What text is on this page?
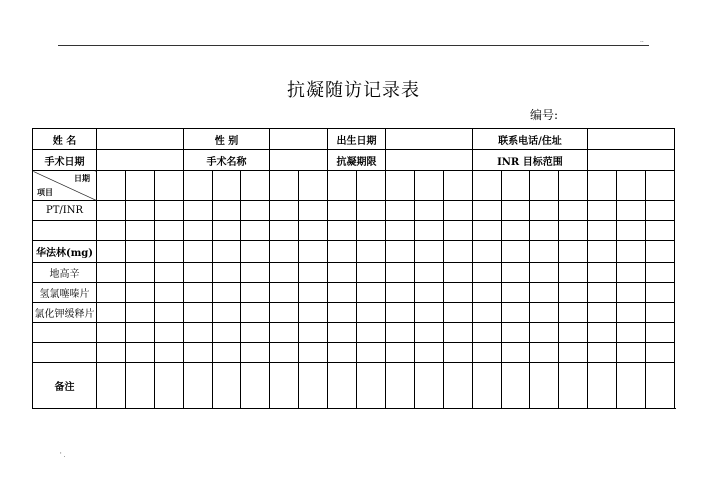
..
抗凝随访记录表
编号:
姓 名				性 别					出生日期					联系电话/住址						
手术日期				手术名称					抗凝期限					INR 目标范围						

日期
项目																				

PT/INR																				

华法林(mg)																				
地高辛																				
氢氯噻嗪片																				
氯化钾缓释片																				

备注																				
' .
